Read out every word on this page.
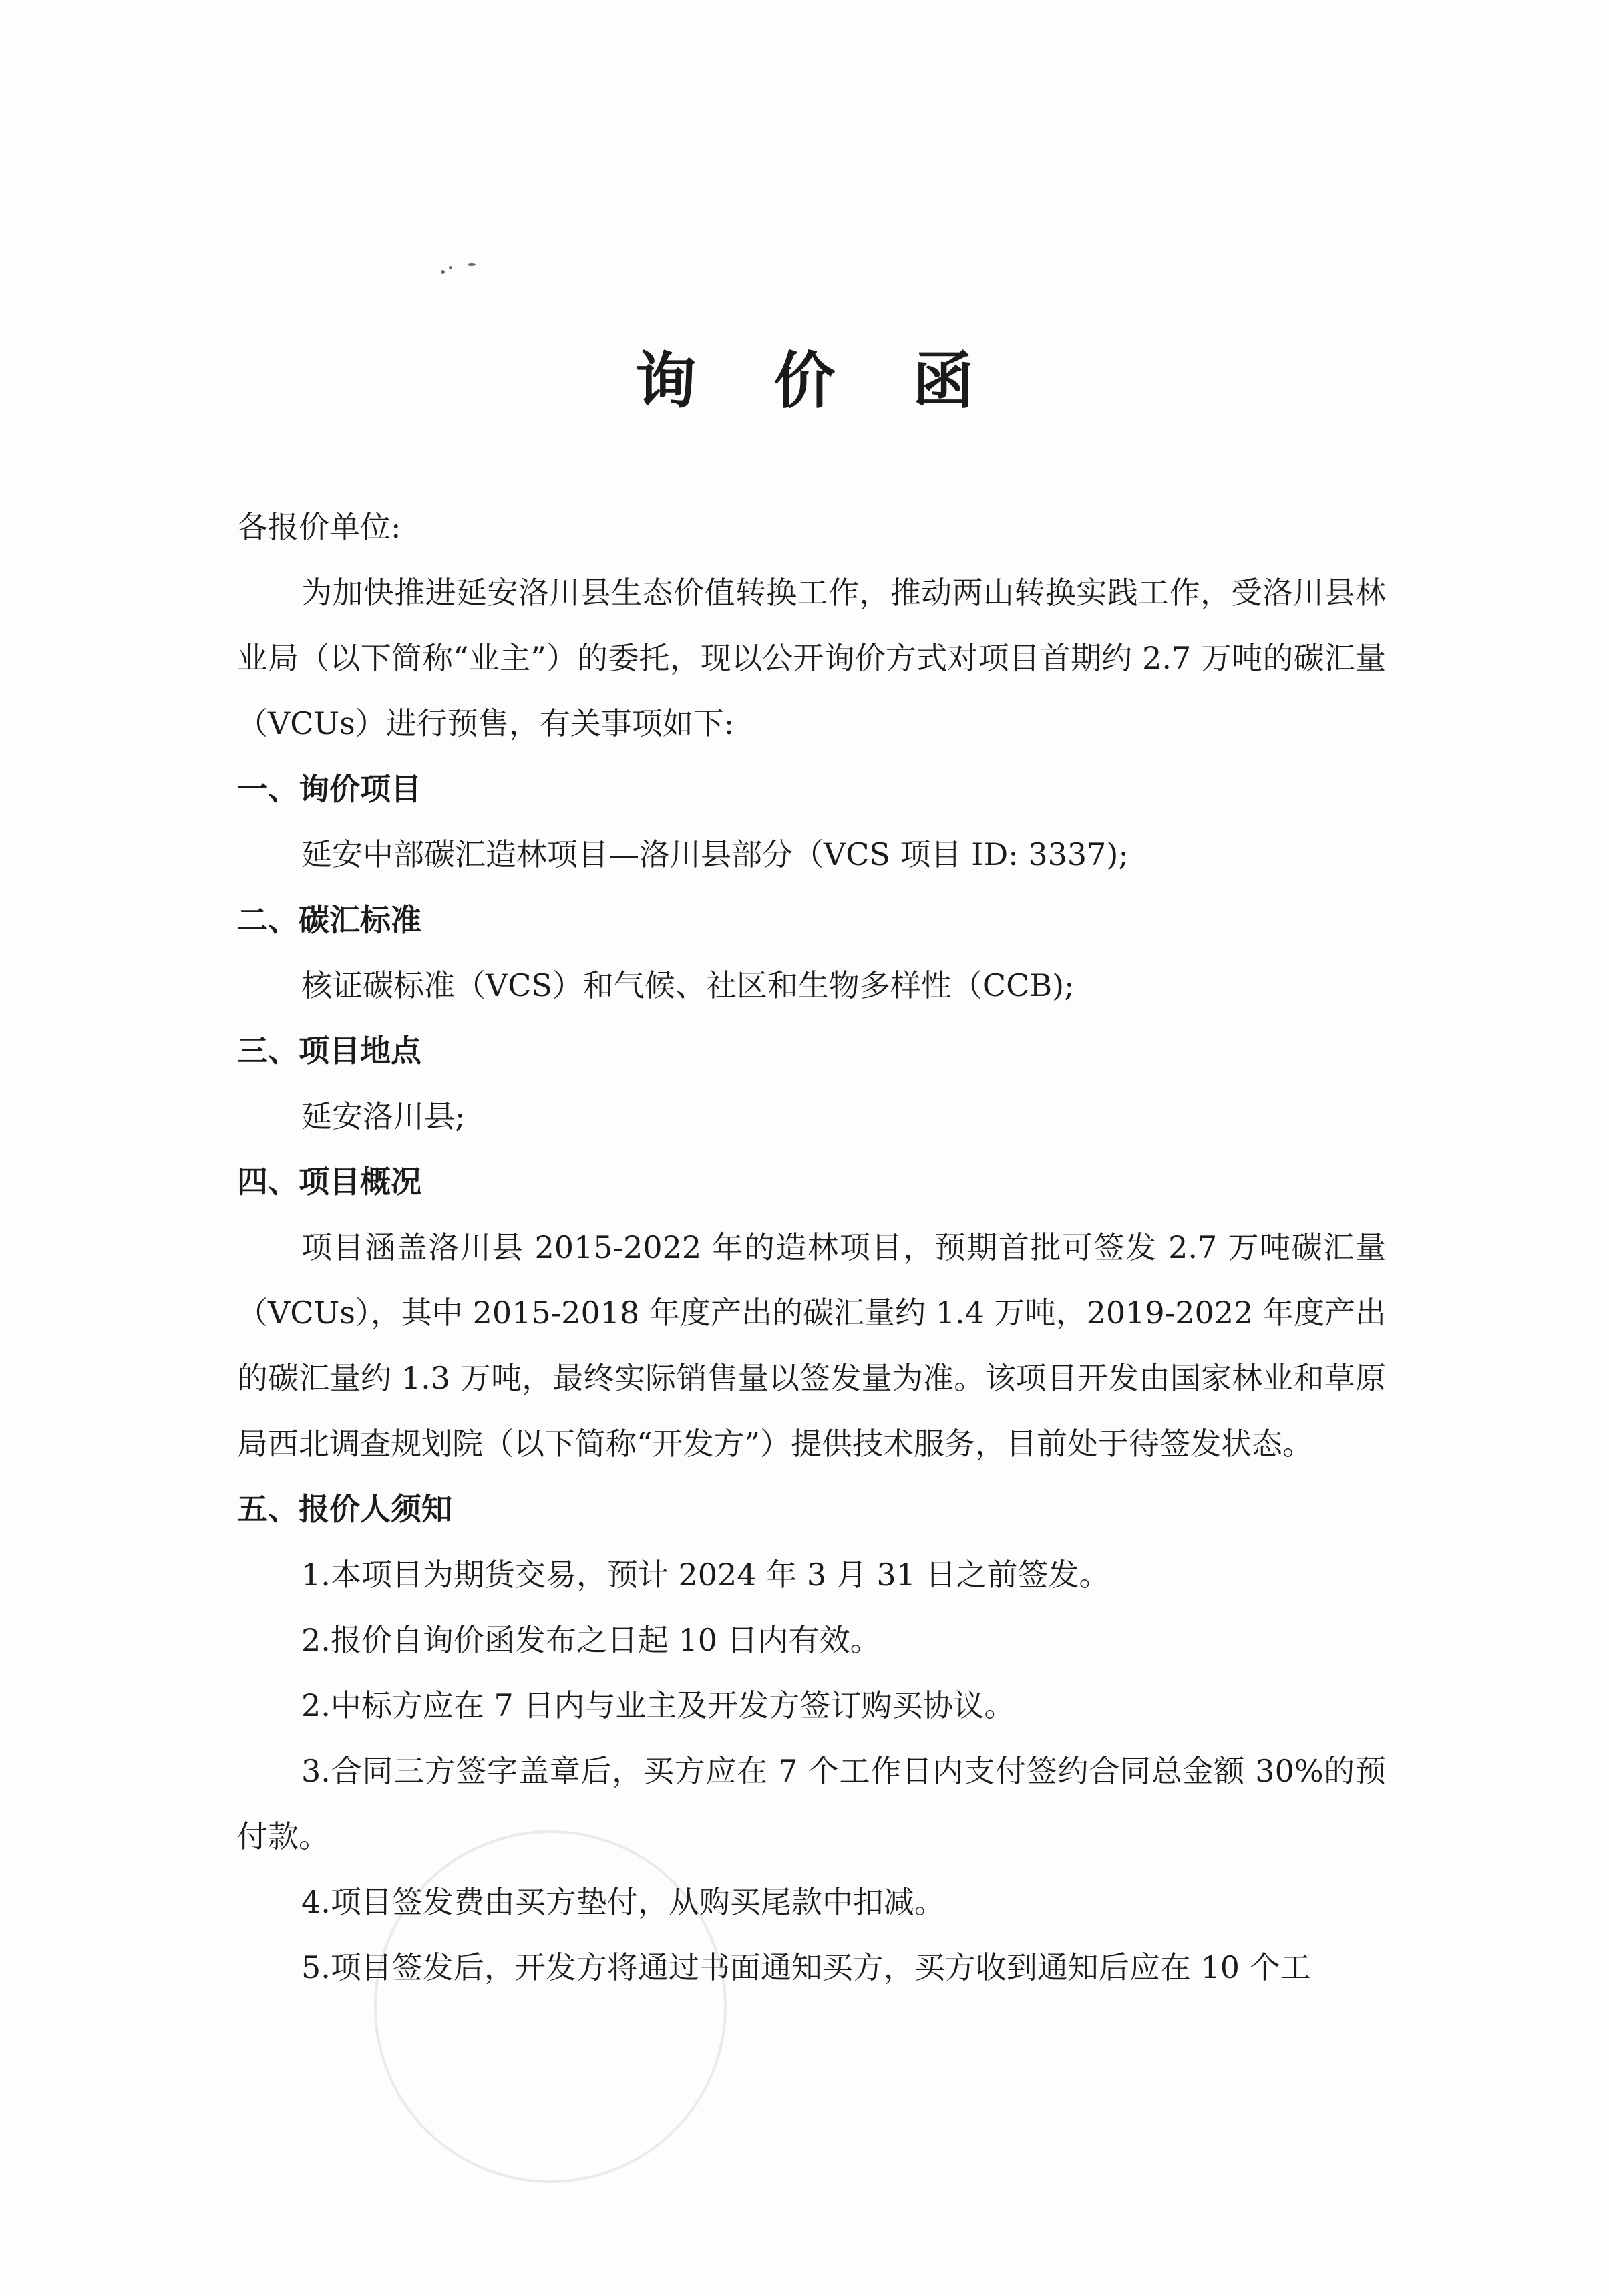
询 价 函
各报价单位:

为加快推进延安洛川县生态价值转换工作，推动两山转换实践工作，受洛川县林业局（以下简称“业主”）的委托，现以公开询价方式对项目首期约 2.7 万吨的碳汇量（VCUs）进行预售，有关事项如下:

一、询价项目

延安中部碳汇造林项目—洛川县部分（VCS 项目 ID: 3337);

二、碳汇标准

核证碳标准（VCS）和气候、社区和生物多样性（CCB);

三、项目地点

延安洛川县;

四、项目概况

项目涵盖洛川县 2015-2022 年的造林项目，预期首批可签发 2.7 万吨碳汇量（VCUs），其中 2015-2018 年度产出的碳汇量约 1.4 万吨，2019-2022 年度产出的碳汇量约 1.3 万吨，最终实际销售量以签发量为准。该项目开发由国家林业和草原局西北调查规划院（以下简称“开发方”）提供技术服务，目前处于待签发状态。

五、报价人须知

1.本项目为期货交易，预计 2024 年 3 月 31 日之前签发。

2.报价自询价函发布之日起 10 日内有效。

2.中标方应在 7 日内与业主及开发方签订购买协议。

3.合同三方签字盖章后，买方应在 7 个工作日内支付签约合同总金额 30%的预付款。

4.项目签发费由买方垫付，从购买尾款中扣减。

5.项目签发后，开发方将通过书面通知买方，买方收到通知后应在 10 个工
